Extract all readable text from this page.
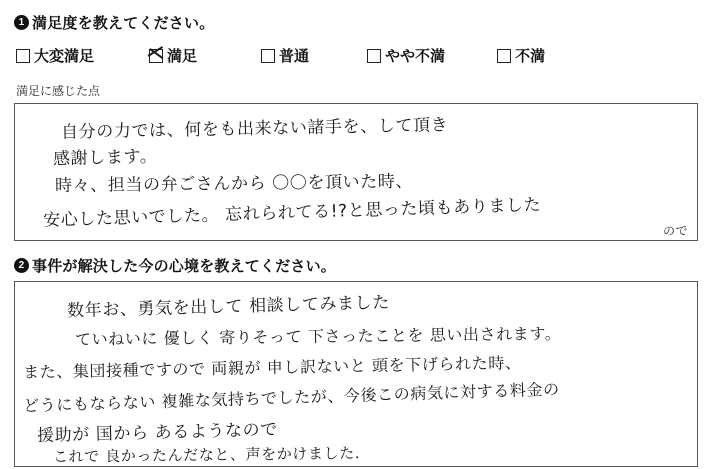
1 満足度を教えてください。
大変満足	満足	普通	やや不満	不満
満足に感じた点
自分の力では、何をも出来ない諸手を、して頂き
感謝します。
時々、担当の弁ごさんから 〇〇を頂いた時、
安心した思いでした。 忘れられてる!?と思った頃もありました
ので
2 事件が解決した今の心境を教えてください。
数年お、勇気を出して 相談してみました
ていねいに 優しく 寄りそって 下さったことを 思い出されます。
また、集団接種ですので 両親が 申し訳ないと 頭を下げられた時、
どうにもならない 複雑な気持ちでしたが、今後この病気に対する料金の
援助が 国から あるようなので
これで 良かったんだなと、声をかけました.
